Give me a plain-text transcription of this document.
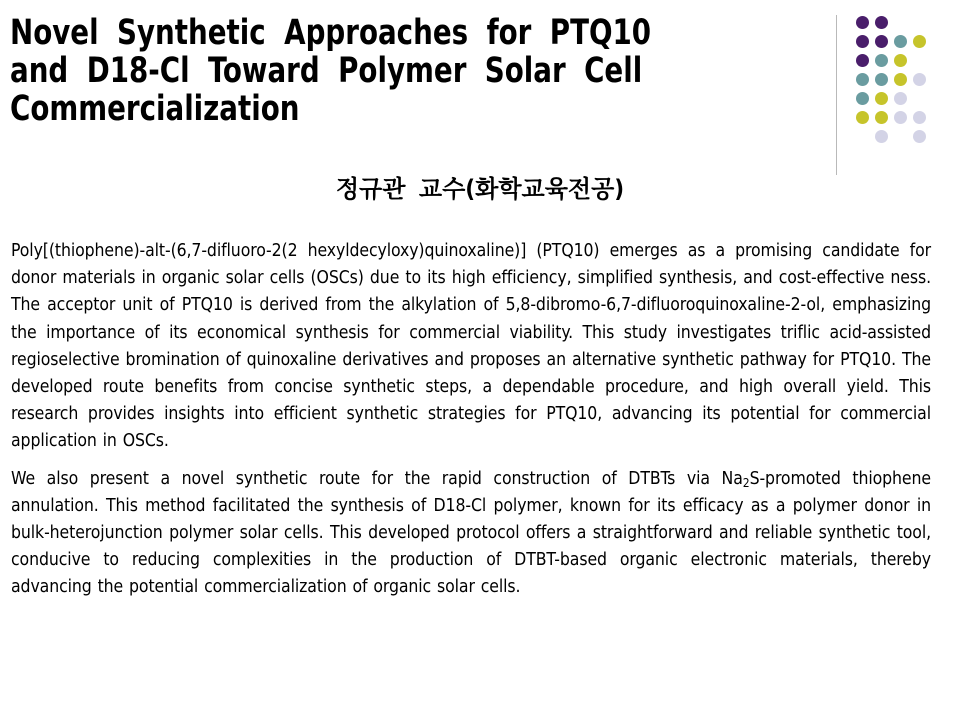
Novel Synthetic Approaches for PTQ10 and D18-Cl Toward Polymer Solar Cell Commercialization
정규관 교수(화학교육전공)

Poly[(thiophene)-alt-(6,7-difluoro-2(2 hexyldecyloxy)quinoxaline)] (PTQ10) emerges as a promising candidate for donor materials in organic solar cells (OSCs) due to its high efficiency, simplified synthesis, and cost-effective ness. The acceptor unit of PTQ10 is derived from the alkylation of 5,8-dibromo-6,7-difluoroquinoxaline-2-ol, emphasizing the importance of its economical synthesis for commercial viability. This study investigates triflic acid-assisted regioselective bromination of quinoxaline derivatives and proposes an alternative synthetic pathway for PTQ10. The developed route benefits from concise synthetic steps, a dependable procedure, and high overall yield. This research provides insights into efficient synthetic strategies for PTQ10, advancing its potential for commercial application in OSCs.

We also present a novel synthetic route for the rapid construction of DTBTs via $Na_2S$-promoted thiophene annulation. This method facilitated the synthesis of D18-Cl polymer, known for its efficacy as a polymer donor in bulk-heterojunction polymer solar cells. This developed protocol offers a straightforward and reliable synthetic tool, conducive to reducing complexities in the production of DTBT-based organic electronic materials, thereby advancing the potential commercialization of organic solar cells.
